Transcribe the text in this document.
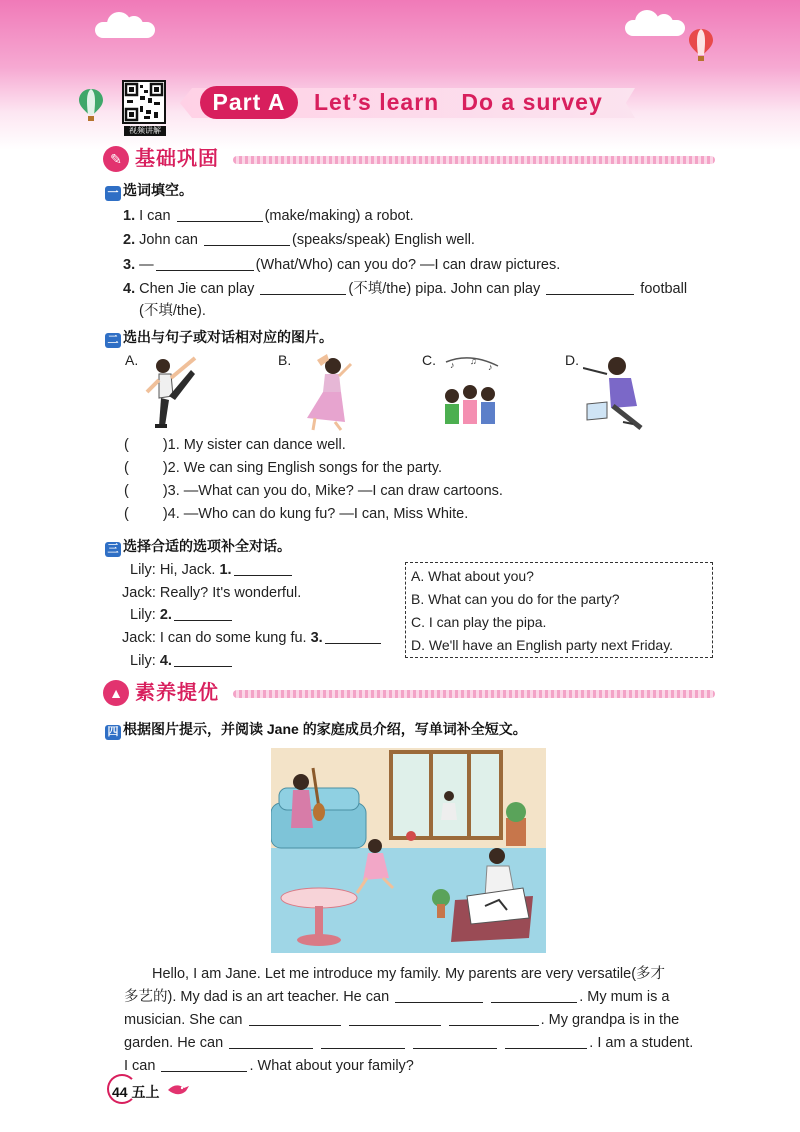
视频讲解
Part A	Let’s learn   Do a survey
✎ 基础巩固
一 选词填空。
1. I can	(make/making) a robot.
2. John can	(speaks/speak) English well.
3. —	(What/Who) can you do? —I can draw pictures.
4. Chen Jie can play	(不填/the) pipa. John can play	football
(不填/the).
二 选出与句子或对话相对应的图片。
A.	B.	C.	D.
♪ ♫
♪
( )1. My sister can dance well.
( )2. We can sing English songs for the party.
( )3. —What can you do, Mike? —I can draw cartoons.
( )4. —Who can do kung fu? —I can, Miss White.
三 选择合适的选项补全对话。
Lily: Hi, Jack. 1.
Jack: Really? It's wonderful.
Lily: 2.
Jack: I can do some kung fu. 3.
Lily: 4.
A. What about you?
B. What can you do for the party?
C. I can play the pipa.
D. We'll have an English party next Friday.
▲ 素养提优
四 根据图片提示，并阅读 Jane 的家庭成员介绍，写单词补全短文。
Hello, I am Jane. Let me introduce my family. My parents are very versatile(多才
多艺的). My dad is an art teacher. He can	. My mum is a
musician. She can	. My grandpa is in the
garden. He can	. I am a student.
I can	. What about your family?
44 五上
